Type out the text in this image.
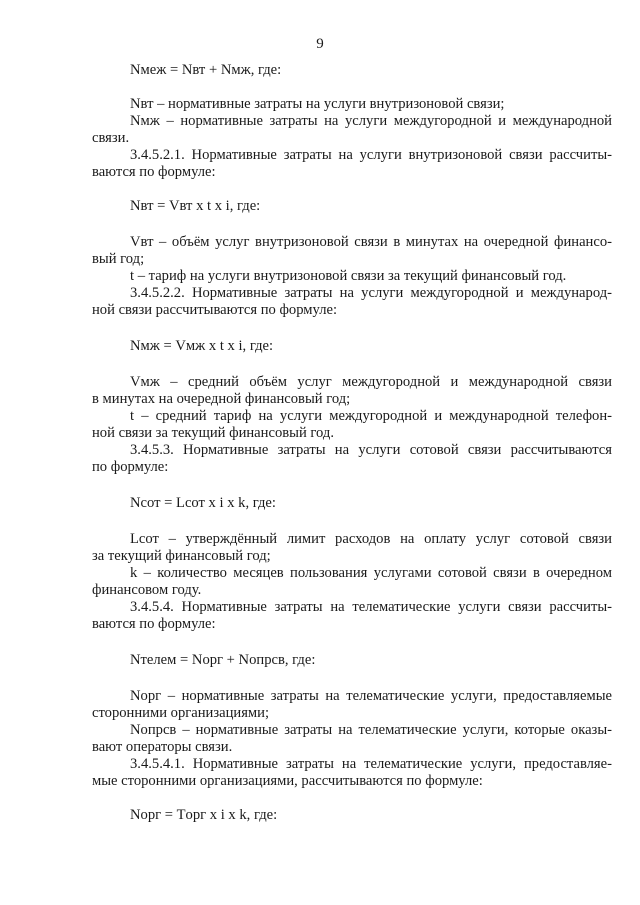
9
Nмеж = Nвт + Nмж, где:
Nвт – нормативные затраты на услуги внутризоновой связи;
Nмж – нормативные затраты на услуги междугородной и международной
связи.
3.4.5.2.1. Нормативные затраты на услуги внутризоновой связи рассчиты-
ваются по формуле:
Nвт = Vвт x t x i, где:
Vвт – объём услуг внутризоновой связи в минутах на очередной финансо-
вый год;
t – тариф на услуги внутризоновой связи за текущий финансовый год.
3.4.5.2.2. Нормативные затраты на услуги междугородной и международ-
ной связи рассчитываются по формуле:
Nмж = Vмж x t x i, где:
Vмж – средний объём услуг междугородной и международной связи
в минутах на очередной финансовый год;
t – средний тариф на услуги междугородной и международной телефон-
ной связи за текущий финансовый год.
3.4.5.3. Нормативные затраты на услуги сотовой связи рассчитываются
по формуле:
Nсот = Lсот x i x k, где:
Lсот – утверждённый лимит расходов на оплату услуг сотовой связи
за текущий финансовый год;
k – количество месяцев пользования услугами сотовой связи в очередном
финансовом году.
3.4.5.4. Нормативные затраты на телематические услуги связи рассчиты-
ваются по формуле:
Nтелем = Nорг + Nопрсв, где:
Nорг – нормативные затраты на телематические услуги, предоставляемые
сторонними организациями;
Nопрсв – нормативные затраты на телематические услуги, которые оказы-
вают операторы связи.
3.4.5.4.1. Нормативные затраты на телематические услуги, предоставляе-
мые сторонними организациями, рассчитываются по формуле:
Nорг = Tорг x i x k, где:
